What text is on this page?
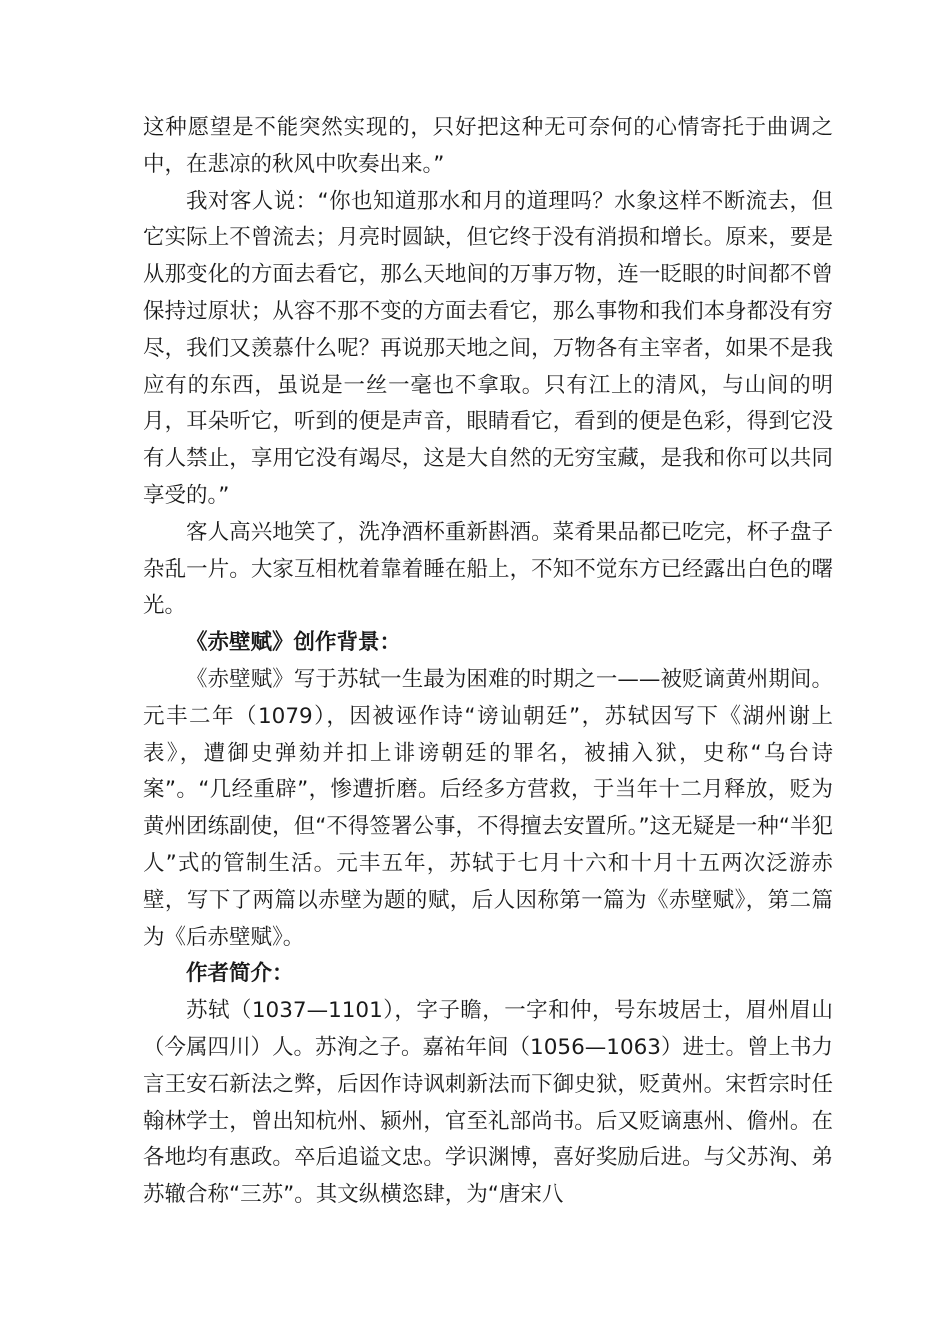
这种愿望是不能突然实现的，只好把这种无可奈何的心情寄托于曲调之中，在悲凉的秋风中吹奏出来。”

我对客人说：“你也知道那水和月的道理吗？水象这样不断流去，但它实际上不曾流去；月亮时圆缺，但它终于没有消损和增长。原来，要是从那变化的方面去看它，那么天地间的万事万物，连一眨眼的时间都不曾保持过原状；从容不那不变的方面去看它，那么事物和我们本身都没有穷尽，我们又羡慕什么呢？再说那天地之间，万物各有主宰者，如果不是我应有的东西，虽说是一丝一毫也不拿取。只有江上的清风，与山间的明月，耳朵听它，听到的便是声音，眼睛看它，看到的便是色彩，得到它没有人禁止，享用它没有竭尽，这是大自然的无穷宝藏，是我和你可以共同享受的。”

客人高兴地笑了，洗净酒杯重新斟酒。菜肴果品都已吃完，杯子盘子杂乱一片。大家互相枕着靠着睡在船上，不知不觉东方已经露出白色的曙光。

《赤壁赋》创作背景：

《赤壁赋》写于苏轼一生最为困难的时期之一——被贬谪黄州期间。元丰二年（1079），因被诬作诗“谤讪朝廷”，苏轼因写下《湖州谢上表》，遭御史弹劾并扣上诽谤朝廷的罪名，被捕入狱，史称“乌台诗案”。“几经重辟”，惨遭折磨。后经多方营救，于当年十二月释放，贬为黄州团练副使，但“不得签署公事，不得擅去安置所。”这无疑是一种“半犯人”式的管制生活。元丰五年，苏轼于七月十六和十月十五两次泛游赤壁，写下了两篇以赤壁为题的赋，后人因称第一篇为《赤壁赋》，第二篇为《后赤壁赋》。

作者简介：

苏轼（1037—1101），字子瞻，一字和仲，号东坡居士，眉州眉山（今属四川）人。苏洵之子。嘉祐年间（1056—1063）进士。曾上书力言王安石新法之弊，后因作诗讽刺新法而下御史狱，贬黄州。宋哲宗时任翰林学士，曾出知杭州、颍州，官至礼部尚书。后又贬谪惠州、儋州。在各地均有惠政。卒后追谥文忠。学识渊博，喜好奖励后进。与父苏洵、弟苏辙合称“三苏”。其文纵横恣肆，为“唐宋八
